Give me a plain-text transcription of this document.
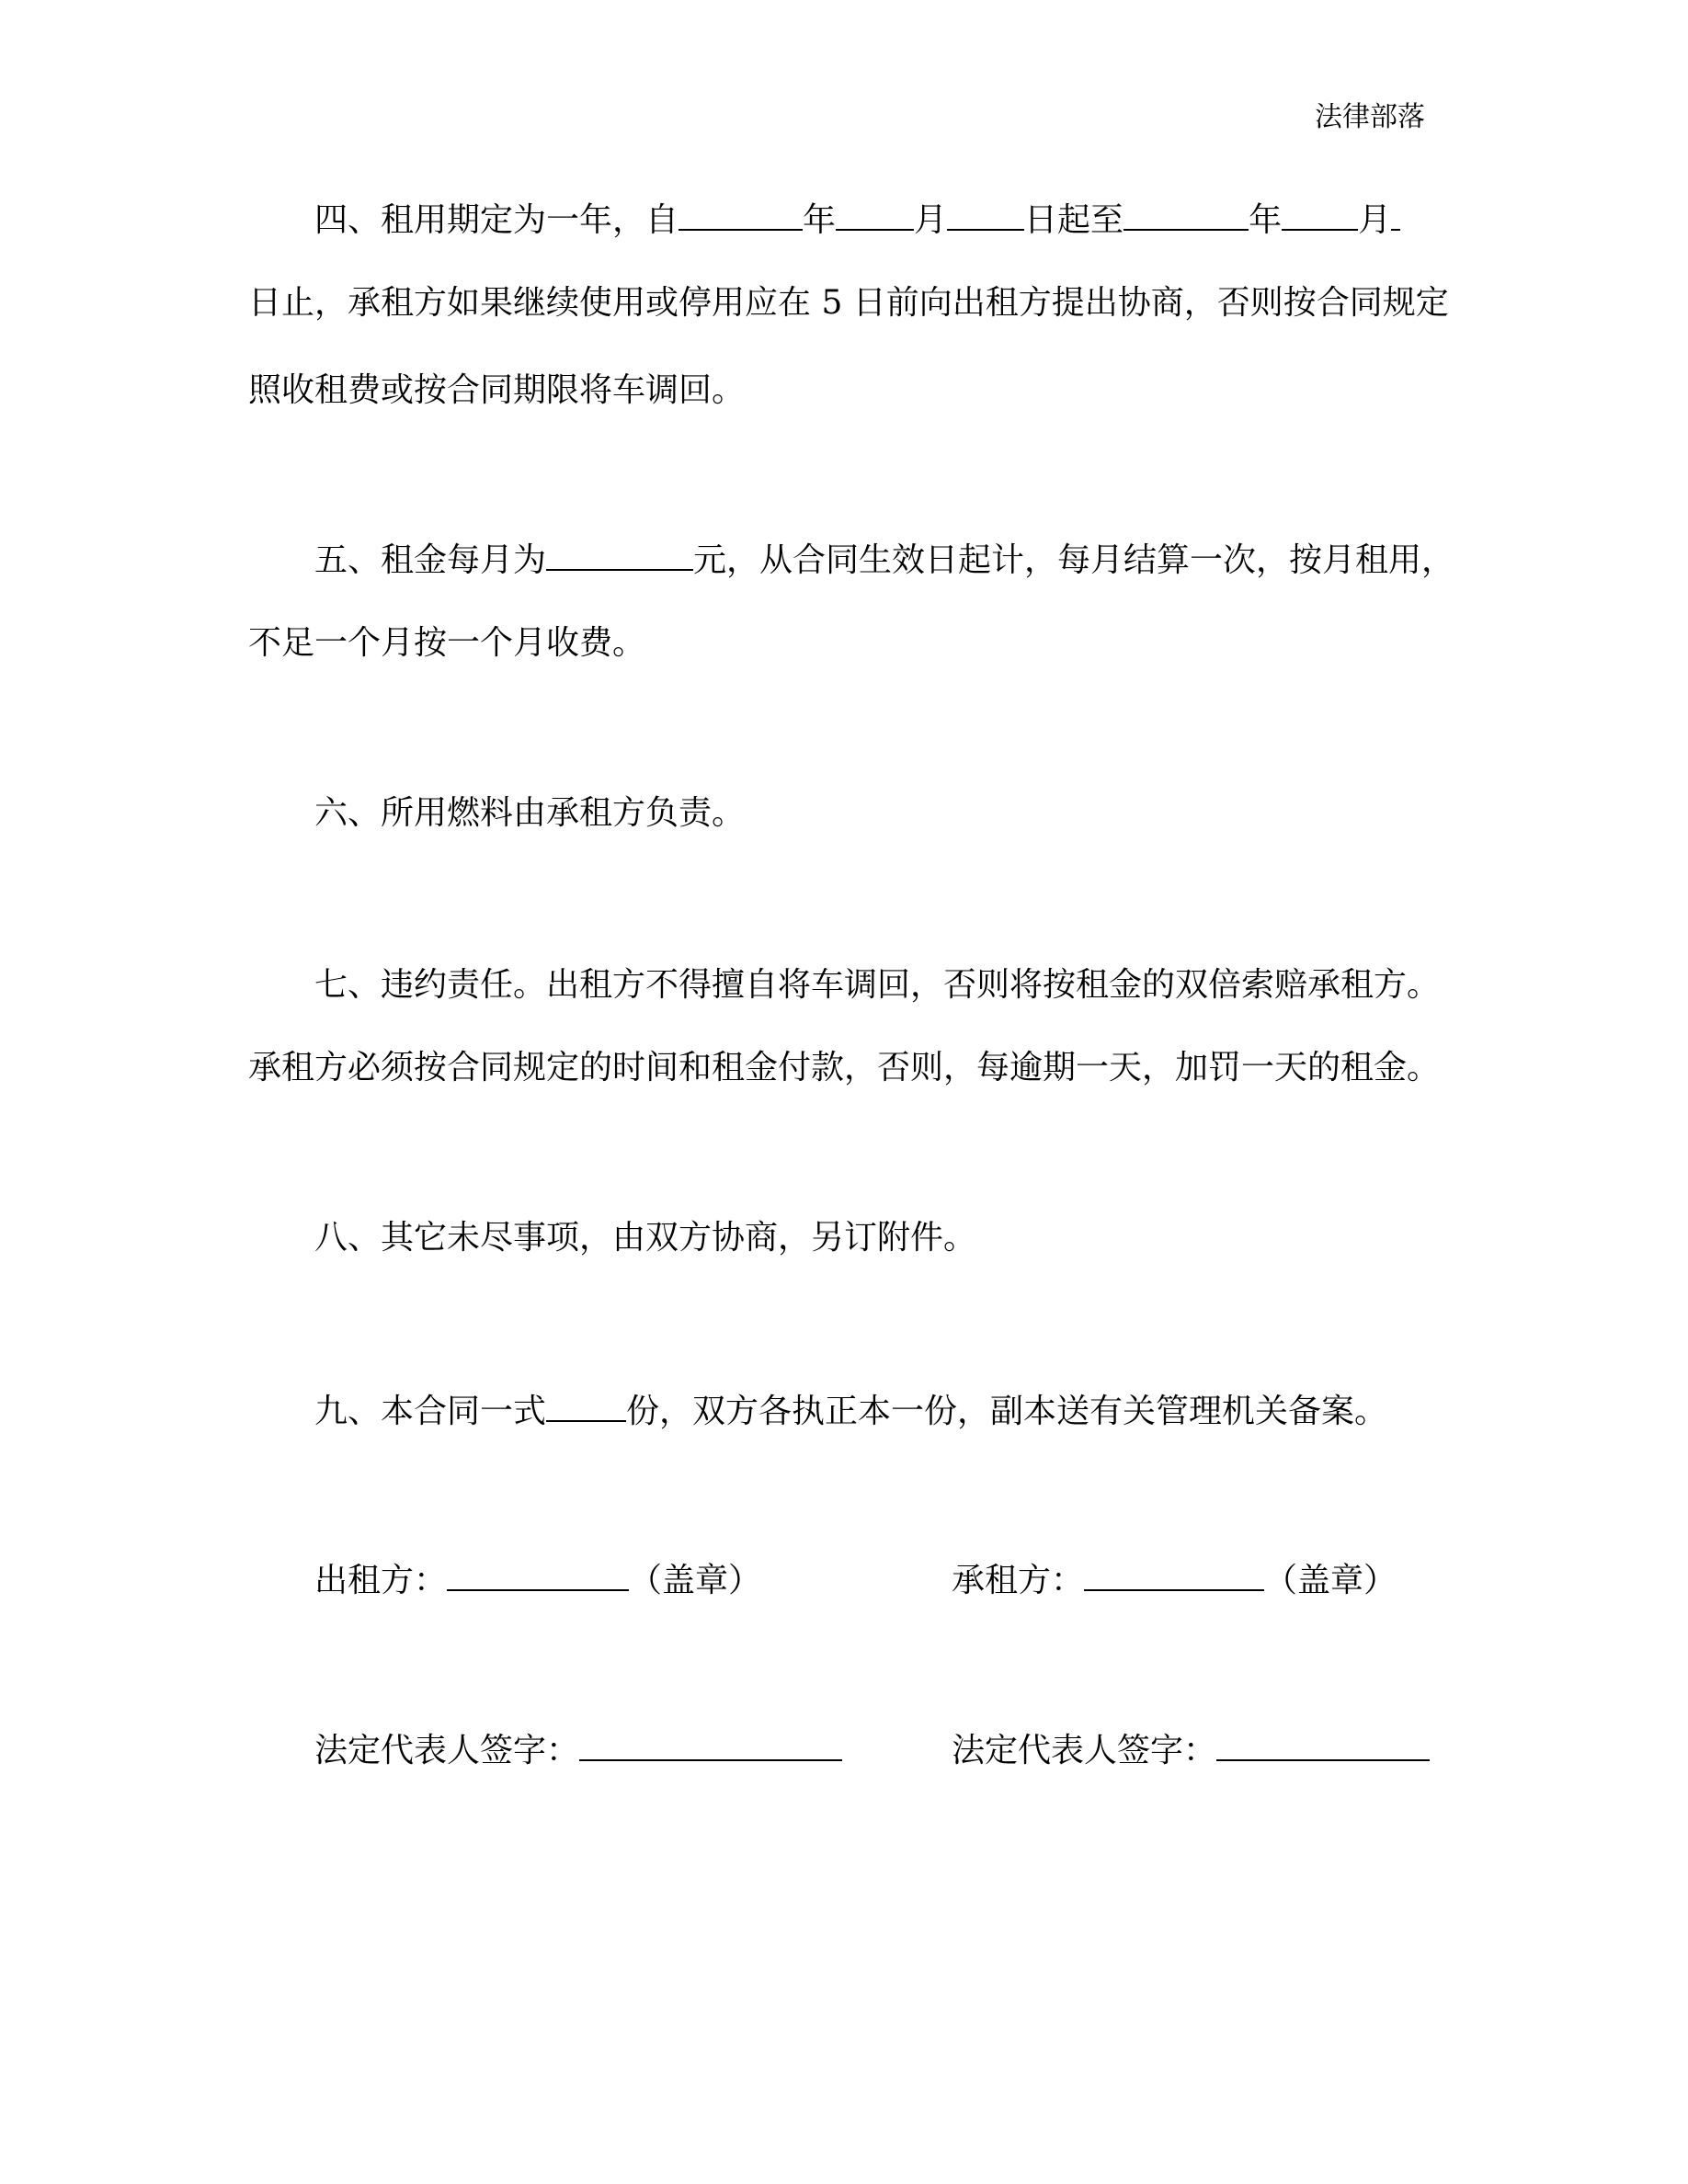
法律部落
四、租用期定为一年，自	年 月 日起至	年 月
日止，承租方如果继续使用或停用应在 5 日前向出租方提出协商，否则按合同规定
照收租费或按合同期限将车调回。
五、租金每月为	元，从合同生效日起计，每月结算一次，按月租用，
不足一个月按一个月收费。
六、所用燃料由承租方负责。
七、违约责任。出租方不得擅自将车调回，否则将按租金的双倍索赔承租方。
承租方必须按合同规定的时间和租金付款，否则，每逾期一天，加罚一天的租金。
八、其它未尽事项，由双方协商，另订附件。
九、本合同一式 份，双方各执正本一份，副本送有关管理机关备案。
出租方：	（盖章）	承租方：	（盖章）
法定代表人签字：	法定代表人签字：
